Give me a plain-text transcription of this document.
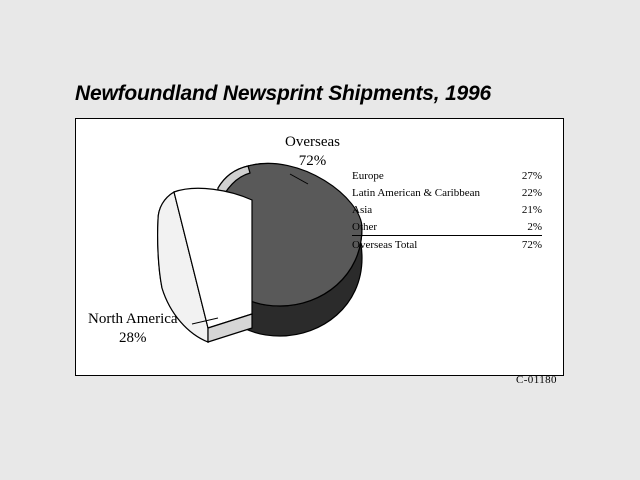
Newfoundland Newsprint Shipments, 1996
Overseas
72%
North America
28%
Europe	27%
Latin American & Caribbean	22%
Asia	21%
Other	2%
Overseas Total	72%
C-01180
